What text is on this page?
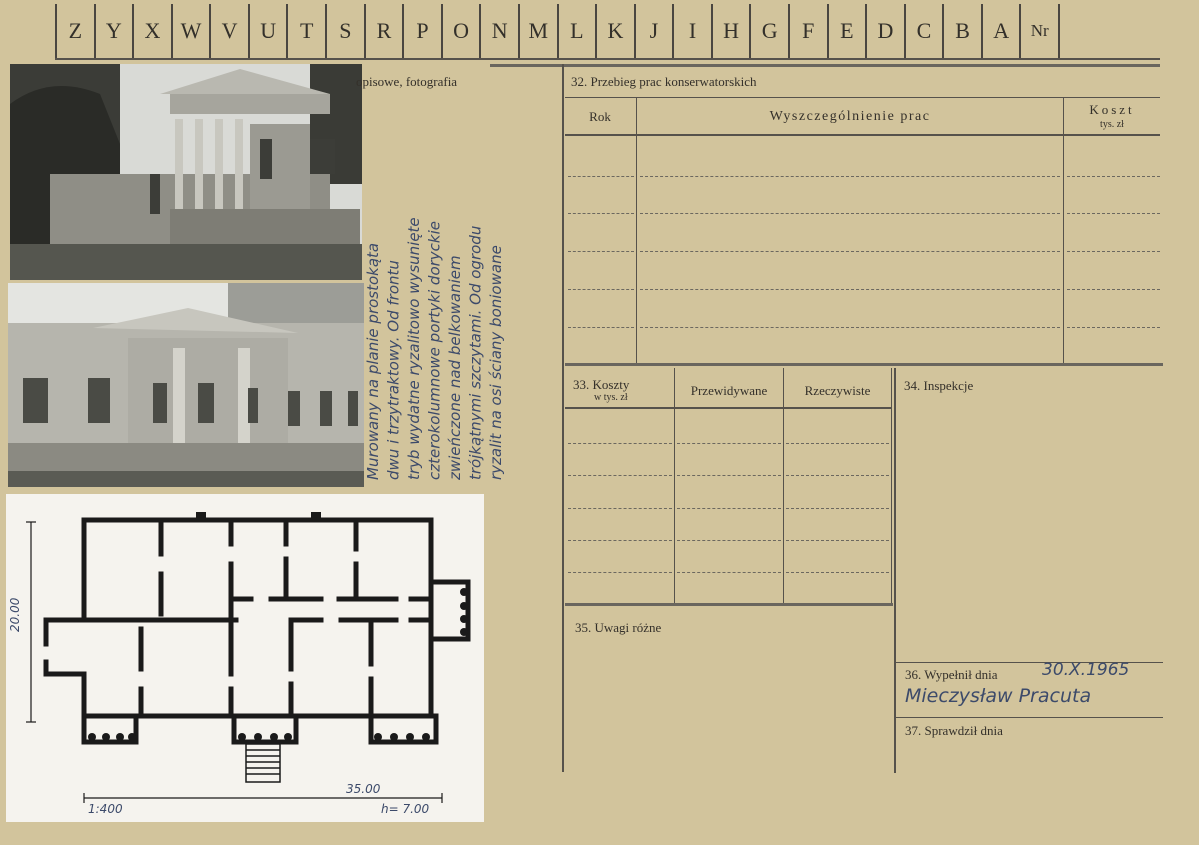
Z	Y	X W V	U	T	S	R	P	O	N M	L	K	J	I	H	G	F	E	D	C	B	A	Nr
opisowe, fotografia
Murowany na planie prostokąta dwu i trzytraktowy. Od frontu tryb wydatne ryzalitowo wysunięte czterokolumnowe portyki doryckie zwieńczone nad belkowaniem trójkątnymi szczytami. Od ogrodu ryzalit na osi ściany boniowane
20.00
35.00
1:400	h= 7.00
32. Przebieg prac konserwatorskich
Rok	Wyszczególnienie prac	Koszt
tys. zł
33. Koszty
w tys. zł	Przewidywane	Rzeczywiste	34. Inspekcje
35. Uwagi różne
36. Wypełnił dnia	30.X.1965
Mieczysław Pracuta
37. Sprawdził dnia
